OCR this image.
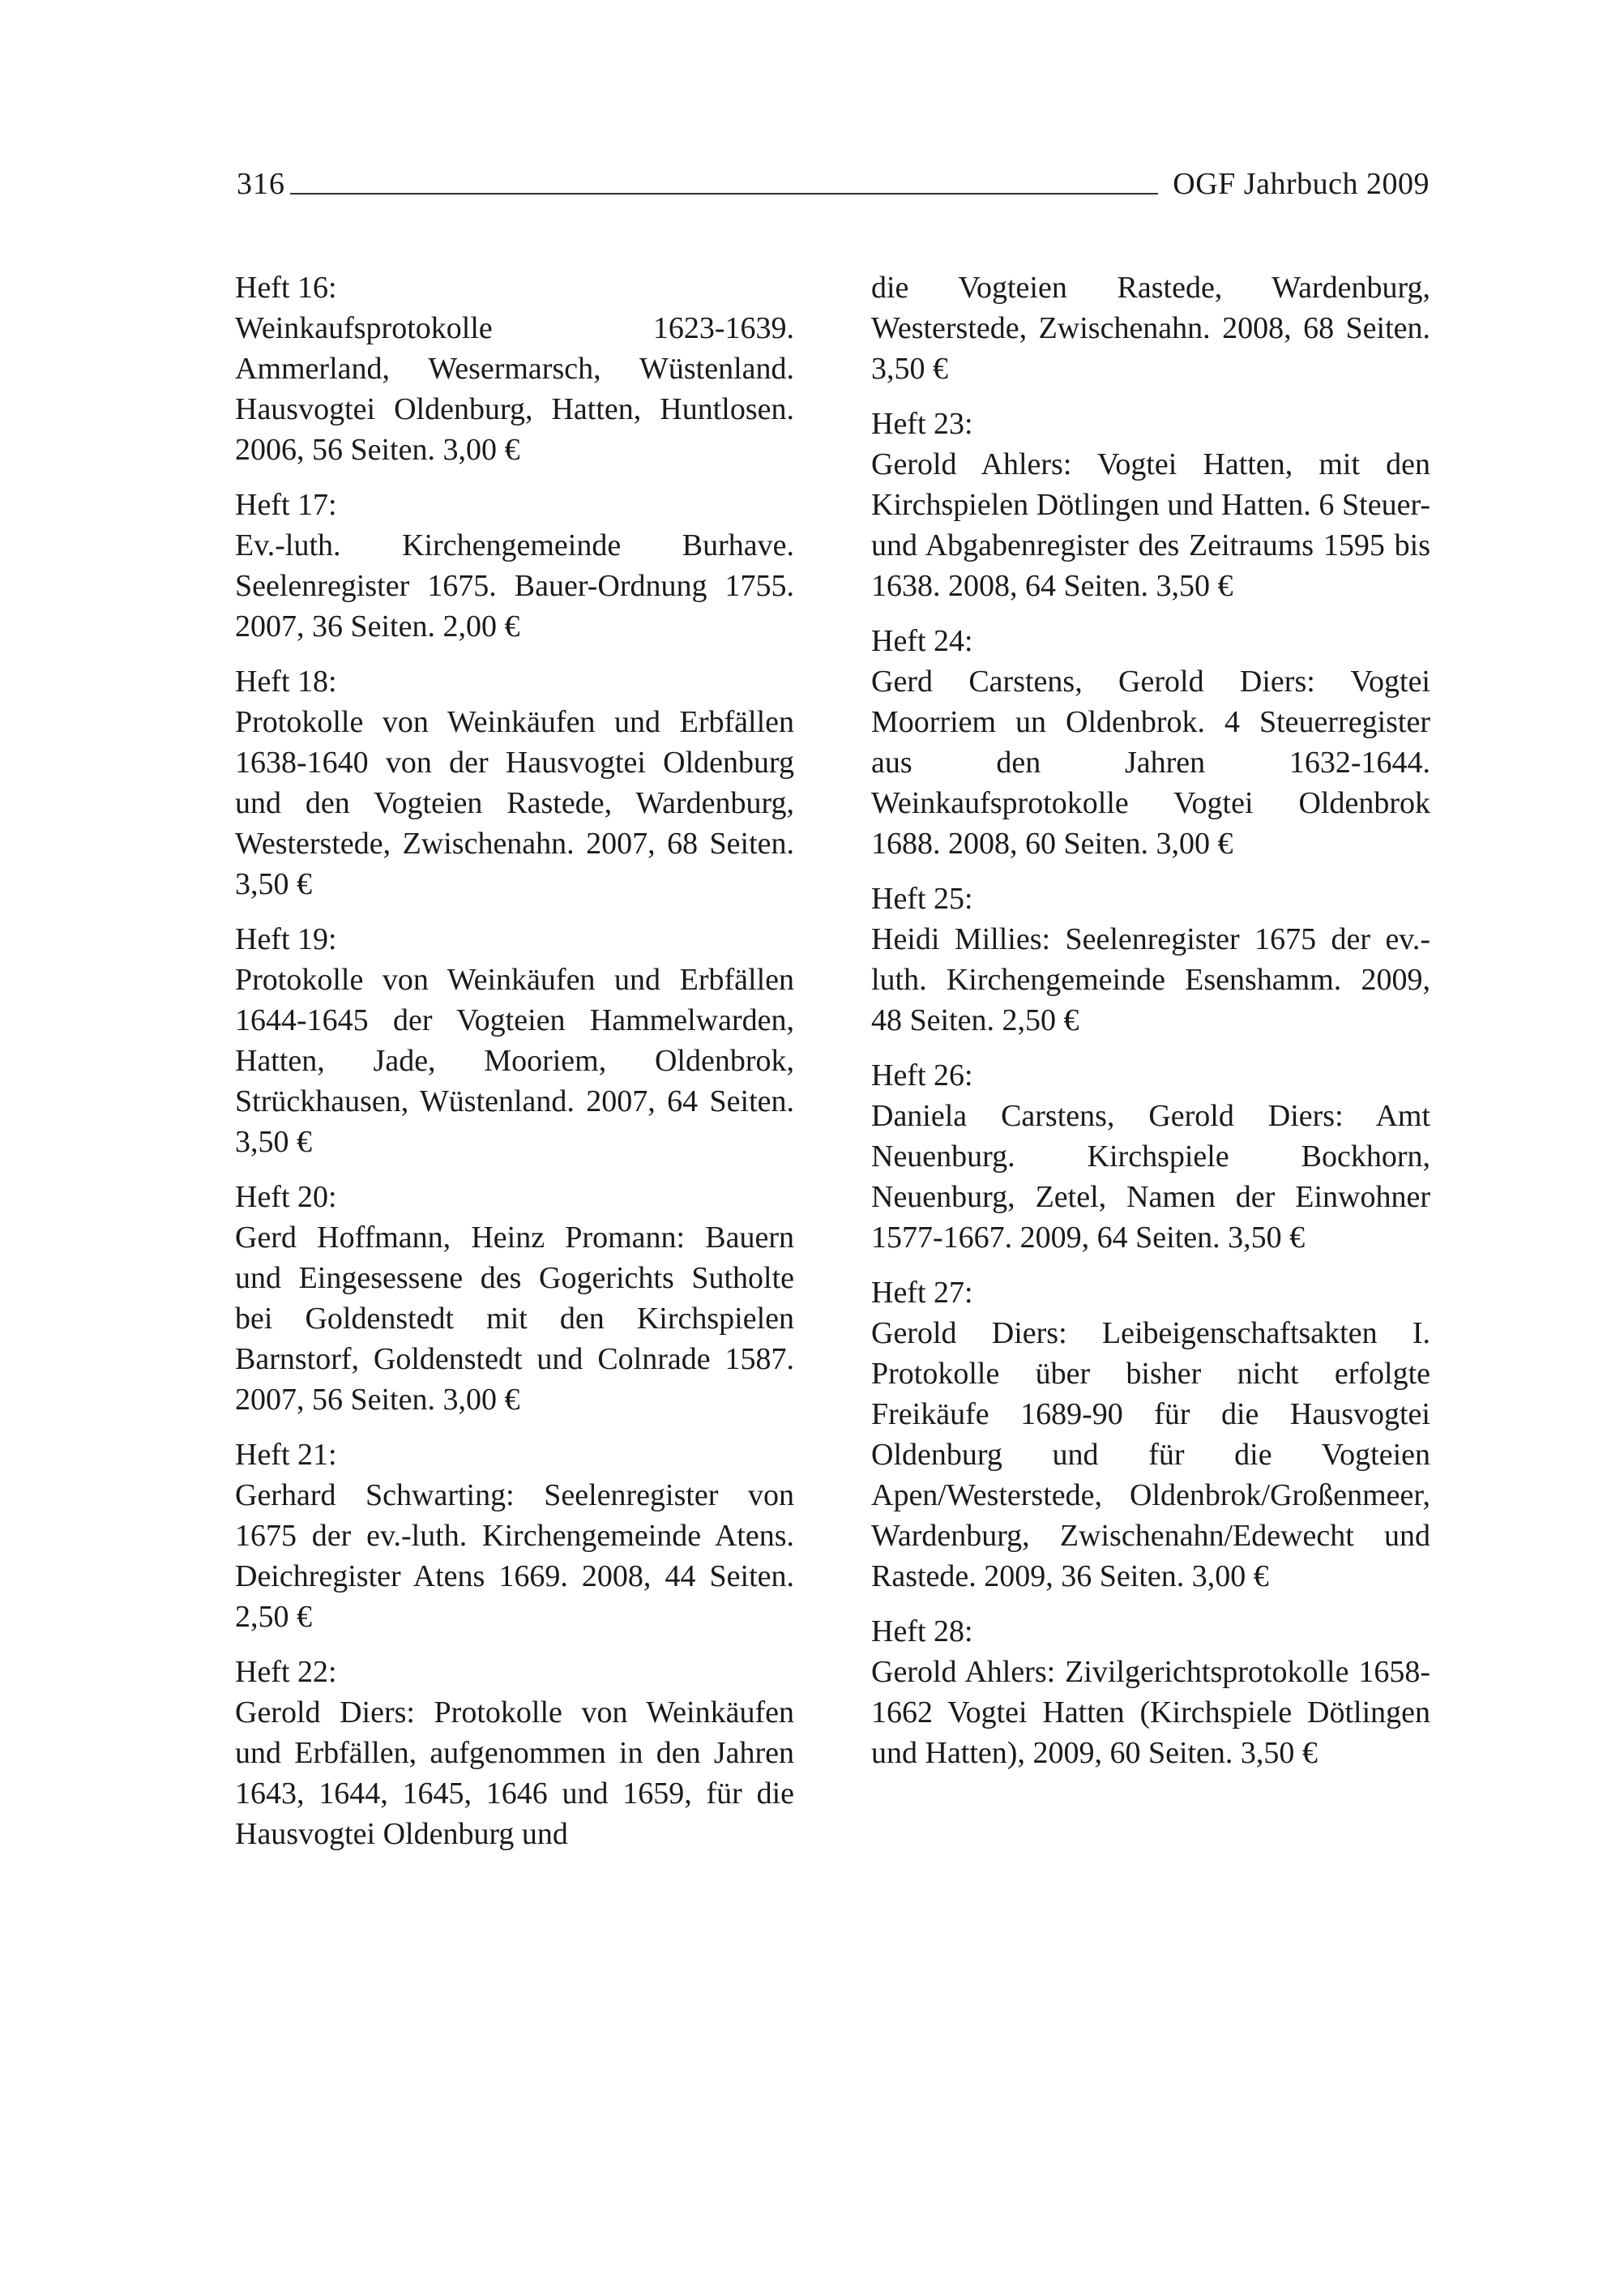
316	OGF Jahrbuch 2009
Heft 16:
Weinkaufsprotokolle 1623-1639. Ammerland, Wesermarsch, Wüstenland. Hausvogtei Oldenburg, Hatten, Huntlosen. 2006, 56 Seiten. 3,00 €
Heft 17:
Ev.-luth. Kirchengemeinde Burhave. Seelenregister 1675. Bauer-Ordnung 1755. 2007, 36 Seiten. 2,00 €
Heft 18:
Protokolle von Weinkäufen und Erbfällen 1638-1640 von der Hausvogtei Oldenburg und den Vogteien Rastede, Wardenburg, Westerstede, Zwischenahn. 2007, 68 Seiten. 3,50 €
Heft 19:
Protokolle von Weinkäufen und Erbfällen 1644-1645 der Vogteien Hammelwarden, Hatten, Jade, Mooriem, Oldenbrok, Strückhausen, Wüstenland. 2007, 64 Seiten. 3,50 €
Heft 20:
Gerd Hoffmann, Heinz Promann: Bauern und Eingesessene des Gogerichts Sutholte bei Goldenstedt mit den Kirchspielen Barnstorf, Goldenstedt und Colnrade 1587. 2007, 56 Seiten. 3,00 €
Heft 21:
Gerhard Schwarting: Seelenregister von 1675 der ev.-luth. Kirchengemeinde Atens. Deichregister Atens 1669. 2008, 44 Seiten. 2,50 €
Heft 22:
Gerold Diers: Protokolle von Weinkäufen und Erbfällen, aufgenommen in den Jahren 1643, 1644, 1645, 1646 und 1659, für die Hausvogtei Oldenburg und
die Vogteien Rastede, Wardenburg, Westerstede, Zwischenahn. 2008, 68 Seiten. 3,50 €
Heft 23:
Gerold Ahlers: Vogtei Hatten, mit den Kirchspielen Dötlingen und Hatten. 6 Steuer- und Abgabenregister des Zeitraums 1595 bis 1638. 2008, 64 Seiten. 3,50 €
Heft 24:
Gerd Carstens, Gerold Diers: Vogtei Moorriem un Oldenbrok. 4 Steuerregister aus den Jahren 1632-1644. Weinkaufsprotokolle Vogtei Oldenbrok 1688. 2008, 60 Seiten. 3,00 €
Heft 25:
Heidi Millies: Seelenregister 1675 der ev.-luth. Kirchengemeinde Esenshamm. 2009, 48 Seiten. 2,50 €
Heft 26:
Daniela Carstens, Gerold Diers: Amt Neuenburg. Kirchspiele Bockhorn, Neuenburg, Zetel, Namen der Einwohner 1577-1667. 2009, 64 Seiten. 3,50 €
Heft 27:
Gerold Diers: Leibeigenschaftsakten I. Protokolle über bisher nicht erfolgte Freikäufe 1689-90 für die Hausvogtei Oldenburg und für die Vogteien Apen/Westerstede, Oldenbrok/Großenmeer, Wardenburg, Zwischenahn/Edewecht und Rastede. 2009, 36 Seiten. 3,00 €
Heft 28:
Gerold Ahlers: Zivilgerichtsprotokolle 1658-1662 Vogtei Hatten (Kirchspiele Dötlingen und Hatten), 2009, 60 Seiten. 3,50 €
